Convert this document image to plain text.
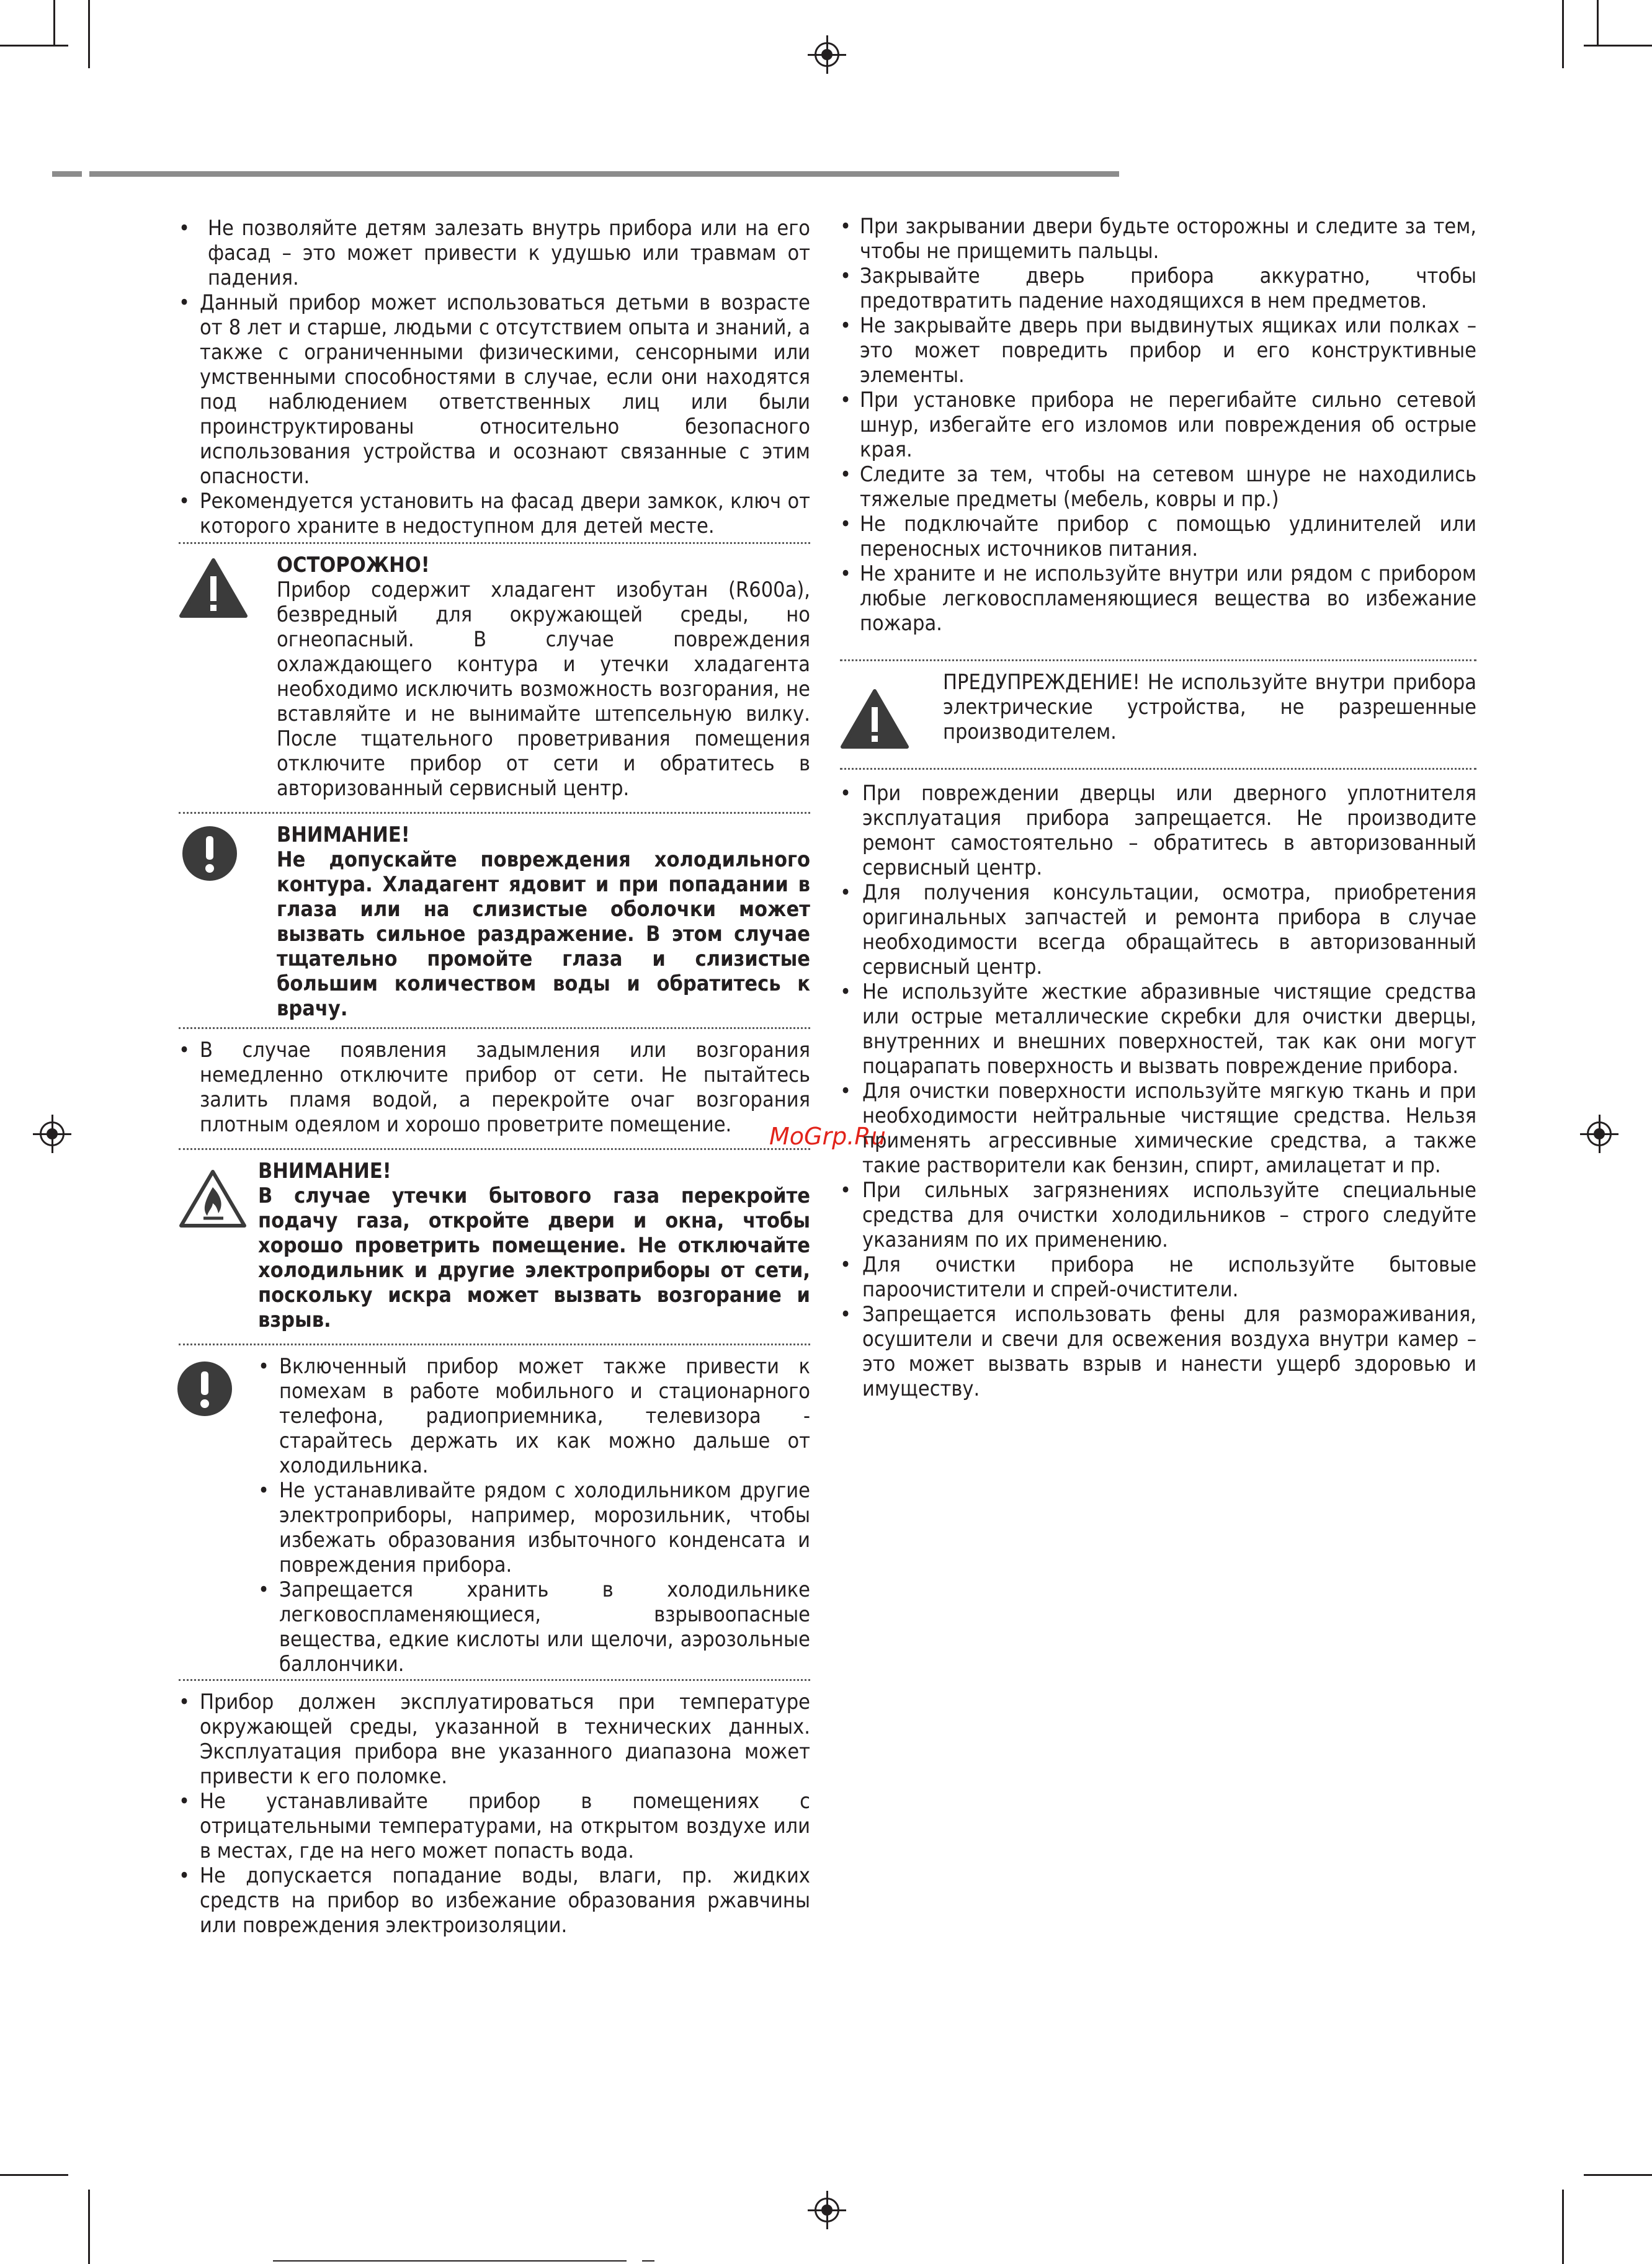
MoGrp.Ru

• Не позволяйте детям залезать внутрь прибора или на его фасад – это может привести к удушью или травмам от падения.

• Данный прибор может использоваться детьми в возрасте от 8 лет и старше, людьми с отсутствием опыта и знаний, а также с ограниченными физическими, сенсорными или умственными способностями в случае, если они находятся под наблюдением ответственных лиц или были проинструктированы относительно безопасного использования устройства и осознают связанные с этим опасности.

• Рекомендуется установить на фасад двери замкок, ключ от которого храните в недоступном для детей месте.

ОСТОРОЖНО!

Прибор содержит хладагент изобутан (R600a), безвредный для окружающей среды, но огнеопасный. В случае повреждения охлаждающего контура и утечки хладагента необходимо исключить возможность возгорания, не вставляйте и не вынимайте штепсельную вилку. После тщательного проветривания помещения отключите прибор от сети и обратитесь в авторизованный сервисный центр.

ВНИМАНИЕ!

Не допускайте повреждения холодильного контура. Хладагент ядовит и при попадании в глаза или на слизистые оболочки может вызвать сильное раздражение. В этом случае тщательно промойте глаза и слизистые большим количеством воды и обратитесь к врачу.

• В случае появления задымления или возгорания немедленно отключите прибор от сети. Не пытайтесь залить пламя водой, а перекройте очаг возгорания плотным одеялом и хорошо проветрите помещение.

ВНИМАНИЕ!

В случае утечки бытового газа перекройте подачу газа, откройте двери и окна, чтобы хорошо проветрить помещение. Не отключайте холодильник и другие электроприборы от сети, поскольку искра может вызвать возгорание и взрыв.

• Включенный прибор может также привести к помехам в работе мобильного и стационарного телефона, радиоприемника, телевизора - старайтесь держать их как можно дальше от холодильника.

• Не устанавливайте рядом с холодильником другие электроприборы, например, морозильник, чтобы избежать образования избыточного конденсата и повреждения прибора.

• Запрещается хранить в холодильнике легковоспламеняющиеся, взрывоопасные вещества, едкие кислоты или щелочи, аэрозольные баллончики.

• Прибор должен эксплуатироваться при температуре окружающей среды, указанной в технических данных. Эксплуатация прибора вне указанного диапазона может привести к его поломке.

• Не устанавливайте прибор в помещениях с отрицательными температурами, на открытом воздухе или в местах, где на него может попасть вода.

• Не допускается попадание воды, влаги, пр. жидких средств на прибор во избежание образования ржавчины или повреждения электроизоляции.

• При закрывании двери будьте осторожны и следите за тем, чтобы не прищемить пальцы.

• Закрывайте дверь прибора аккуратно, чтобы предотвратить падение находящихся в нем предметов.

• Не закрывайте дверь при выдвинутых ящиках или полках – это может повредить прибор и его конструктивные элементы.

• При установке прибора не перегибайте сильно сетевой шнур, избегайте его изломов или повреждения об острые края.

• Следите за тем, чтобы на сетевом шнуре не находились тяжелые предметы (мебель, ковры и пр.)

• Не подключайте прибор с помощью удлинителей или переносных источников питания.

• Не храните и не используйте внутри или рядом с прибором любые легковоспламеняющиеся вещества во избежание пожара.

ПРЕДУПРЕЖДЕНИЕ! Не используйте внутри прибора электрические устройства, не разрешенные производителем.

• При повреждении дверцы или дверного уплотнителя эксплуатация прибора запрещается. Не производите ремонт самостоятельно – обратитесь в авторизованный сервисный центр.

• Для получения консультации, осмотра, приобретения оригинальных запчастей и ремонта прибора в случае необходимости всегда обращайтесь в авторизованный сервисный центр.

• Не используйте жесткие абразивные чистящие средства или острые металлические скребки для очистки дверцы, внутренних и внешних поверхностей, так как они могут поцарапать поверхность и вызвать повреждение прибора.

• Для очистки поверхности используйте мягкую ткань и при необходимости нейтральные чистящие средства. Нельзя применять агрессивные химические средства, а также такие растворители как бензин, спирт, амилацетат и пр.

• При сильных загрязнениях используйте специальные средства для очистки холодильников – строго следуйте указаниям по их применению.

• Для очистки прибора не используйте бытовые пароочистители и спрей-очистители.

• Запрещается использовать фены для размораживания, осушители и свечи для освежения воздуха внутри камер – это может вызвать взрыв и нанести ущерб здоровью и имуществу.
